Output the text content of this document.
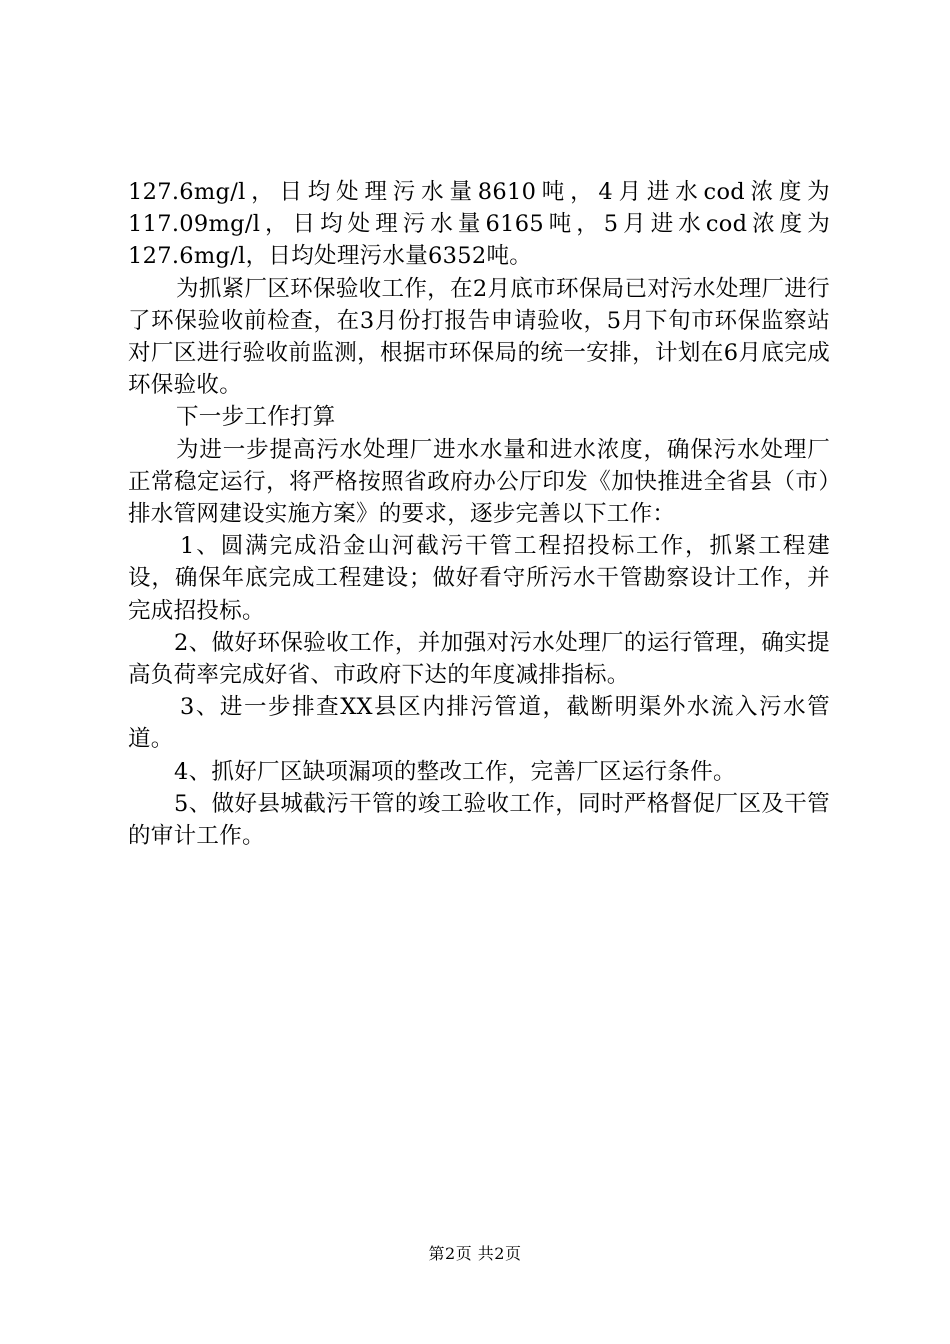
127.6mg/l，日均处理污水量8610吨，4月进水cod浓度为117.09mg/l，日均处理污水量6165吨，5月进水cod浓度为127.6mg/l，日均处理污水量6352吨。

为抓紧厂区环保验收工作，在2月底市环保局已对污水处理厂进行了环保验收前检查，在3月份打报告申请验收，5月下旬市环保监察站对厂区进行验收前监测，根据市环保局的统一安排，计划在6月底完成环保验收。

下一步工作打算

为进一步提高污水处理厂进水水量和进水浓度，确保污水处理厂正常稳定运行，将严格按照省政府办公厅印发《加快推进全省县（市）排水管网建设实施方案》的要求，逐步完善以下工作：

1、圆满完成沿金山河截污干管工程招投标工作，抓紧工程建设，确保年底完成工程建设；做好看守所污水干管勘察设计工作，并完成招投标。

2、做好环保验收工作，并加强对污水处理厂的运行管理，确实提高负荷率完成好省、市政府下达的年度减排指标。

3、进一步排查XX县区内排污管道，截断明渠外水流入污水管道。

4、抓好厂区缺项漏项的整改工作，完善厂区运行条件。

5、做好县城截污干管的竣工验收工作，同时严格督促厂区及干管的审计工作。

第2页 共2页
